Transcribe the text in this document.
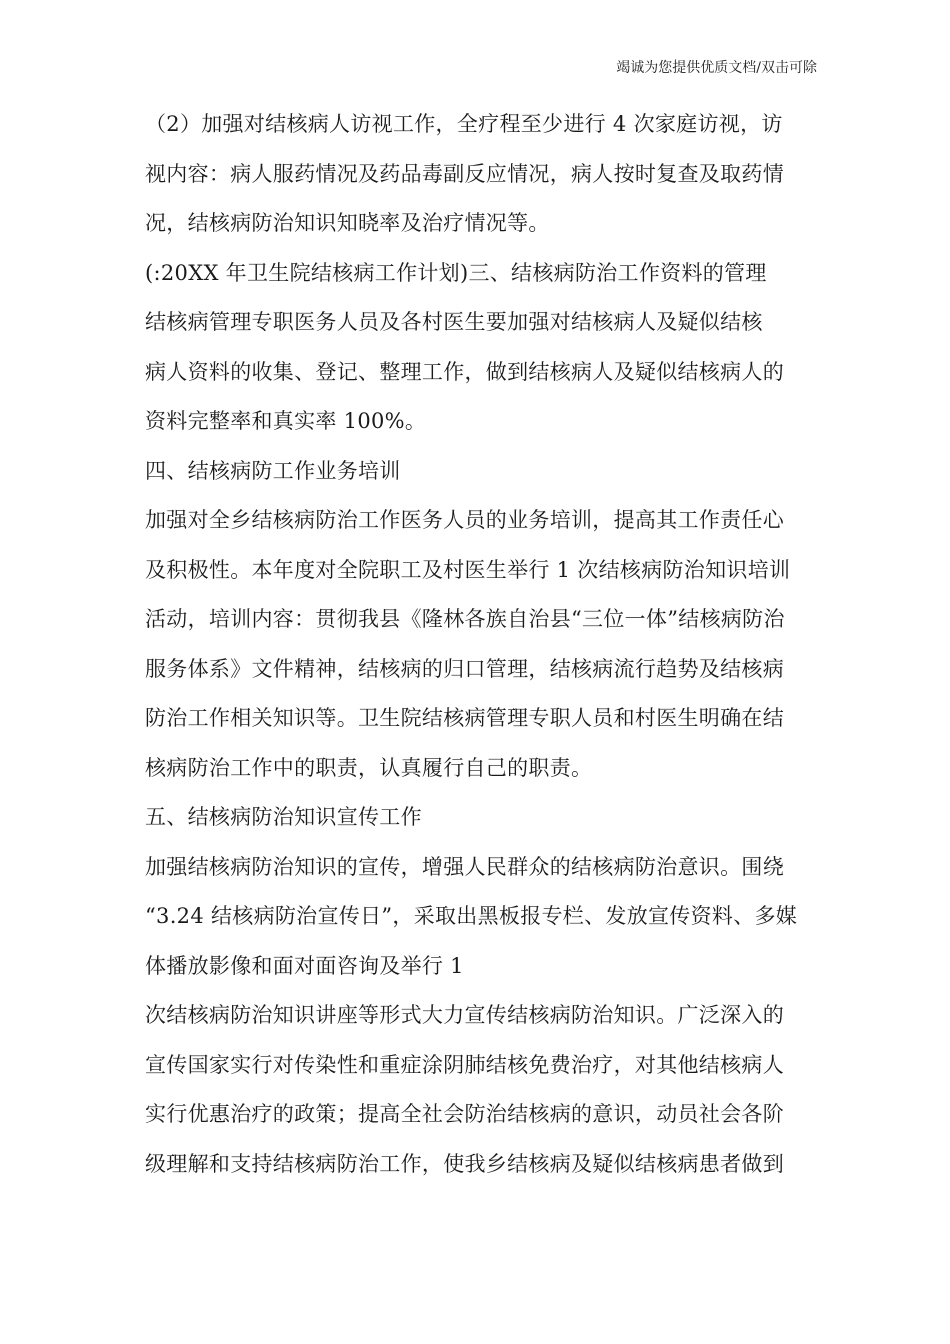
竭诚为您提供优质文档/双击可除
（2）加强对结核病人访视工作，全疗程至少进行 4 次家庭访视，访
视内容：病人服药情况及药品毒副反应情况，病人按时复查及取药情
况，结核病防治知识知晓率及治疗情况等。
(:20XX 年卫生院结核病工作计划)三、结核病防治工作资料的管理
结核病管理专职医务人员及各村医生要加强对结核病人及疑似结核
病人资料的收集、登记、整理工作，做到结核病人及疑似结核病人的
资料完整率和真实率 100%。
四、结核病防工作业务培训
加强对全乡结核病防治工作医务人员的业务培训，提高其工作责任心
及积极性。本年度对全院职工及村医生举行 1 次结核病防治知识培训
活动，培训内容：贯彻我县《隆林各族自治县“三位一体”结核病防治
服务体系》文件精神，结核病的归口管理，结核病流行趋势及结核病
防治工作相关知识等。卫生院结核病管理专职人员和村医生明确在结
核病防治工作中的职责，认真履行自己的职责。
五、结核病防治知识宣传工作
加强结核病防治知识的宣传，增强人民群众的结核病防治意识。围绕
“3.24 结核病防治宣传日”，采取出黑板报专栏、发放宣传资料、多媒
体播放影像和面对面咨询及举行 1
次结核病防治知识讲座等形式大力宣传结核病防治知识。广泛深入的
宣传国家实行对传染性和重症涂阴肺结核免费治疗，对其他结核病人
实行优惠治疗的政策；提高全社会防治结核病的意识，动员社会各阶
级理解和支持结核病防治工作，使我乡结核病及疑似结核病患者做到
